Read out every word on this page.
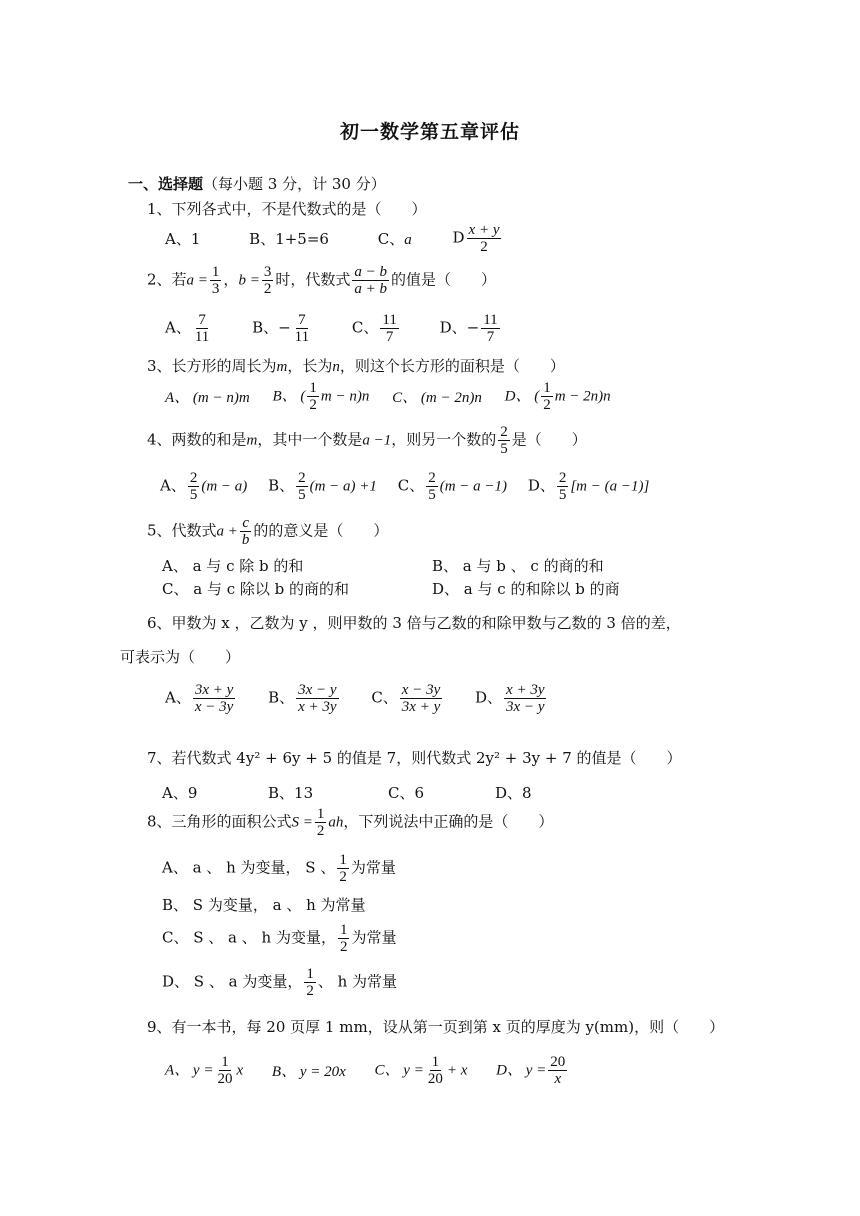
初一数学第五章评估
一、选择题（每小题 3 分，计 30 分）
1、下列各式中，不是代数式的是（　　）
A、1	B、1+5=6	C、a	D $\frac{x + y}{2}$
2、若$a = \frac{1}{3}$ ，$b = \frac{3}{2}$ 时，代数式 $\frac{a - b}{a + b}$ 的值是（　　）
A、 $\frac{7}{11}$	B、− $\frac{7}{11}$	C、 $\frac{11}{7}$	D、− $\frac{11}{7}$
3、长方形的周长为m，长为n，则这个长方形的面积是（　　）
A、 (m − n)m B、 ( $\frac{1}{2}$ m − n)n C、 (m − 2n)n D、 ( $\frac{1}{2}$ m − 2n)n
4、两数的和是m，其中一个数是a −1，则另一个数的 $\frac{2}{5}$ 是（　　）
A、 $\frac{2}{5} (m - a)$ B、 $\frac{2}{5} (m - a) +1$ C、 $\frac{2}{5} (m - a -1)$ D、 $\frac{2}{5} [m - (a -1)]$
5、代数式$a + \frac{c}{b}$ 的的意义是（　　）
A、 a 与 c 除 b 的和	B、 a 与 b 、 c 的商的和
C、 a 与 c 除以 b 的商的和	D、 a 与 c 的和除以 b 的商
6、甲数为 x ，乙数为 y ，则甲数的 3 倍与乙数的和除甲数与乙数的 3 倍的差，
可表示为（　　）
A、 $\frac{3x + y}{x - 3y}$ B、 $\frac{3x - y}{x + 3y}$ C、 $\frac{x - 3y}{3x + y}$ D、 $\frac{x + 3y}{3x - y}$
7、若代数式 4y² + 6y + 5 的值是 7，则代数式 2y² + 3y + 7 的值是（　　）
A、9	B、13	C、6	D、8
8、三角形的面积公式$S = \frac{1}{2}$ ah，下列说法中正确的是（　　）
A、 a 、 h 为变量， S 、 $\frac{1}{2}$ 为常量
B、 S 为变量， a 、 h 为常量
C、 S 、 a 、 h 为变量， $\frac{1}{2}$ 为常量
D、 S 、 a 为变量， $\frac{1}{2}$ 、 h 为常量
9、有一本书，每 20 页厚 1 mm，设从第一页到第 x 页的厚度为 y(mm)，则（　　）
A、 $y = \frac{1}{20}$ x B、 y = 20x C、 $y = \frac{1}{20} + x$ D、 $y = \frac{20}{x}$
